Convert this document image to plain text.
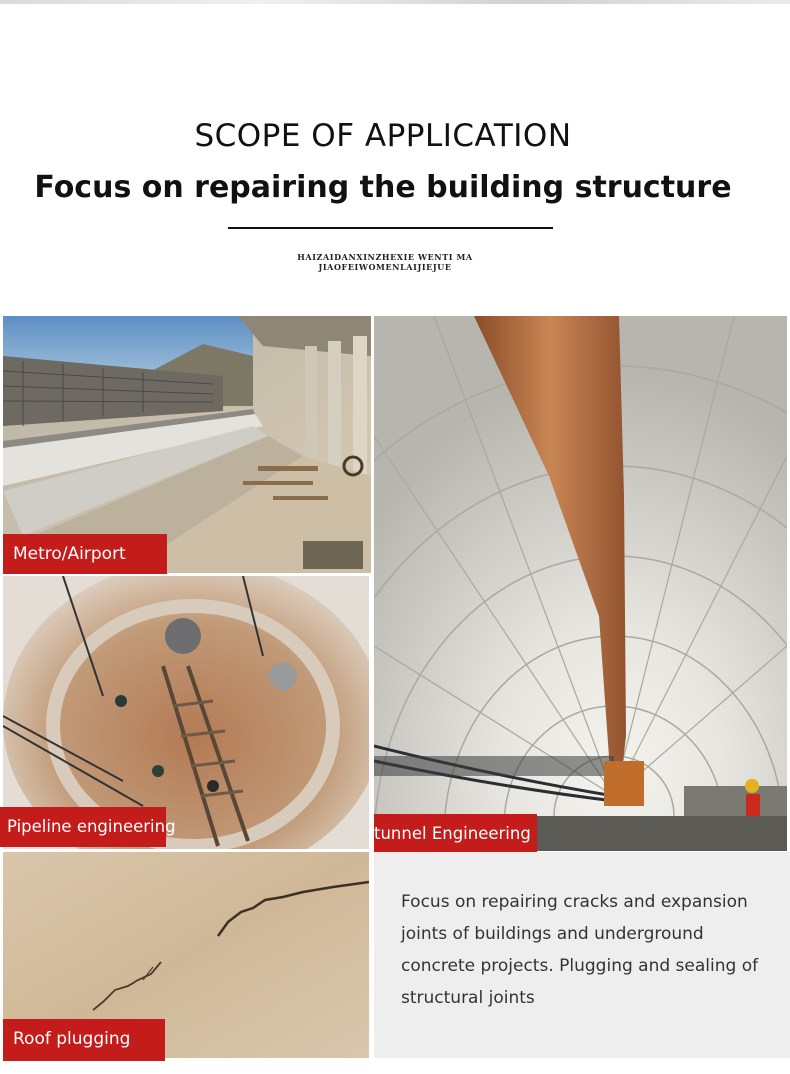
SCOPE OF APPLICATION
Focus on repairing the building structure
HAIZAIDANXINZHEXIE WENTI MA
JIAOFEIWOMENLAIJIEJUE
Metro/Airport
Pipeline engineering	tunnel Engineering
Roof plugging

Focus on repairing cracks and expansion joints of buildings and underground concrete projects. Plugging and sealing of structural joints
